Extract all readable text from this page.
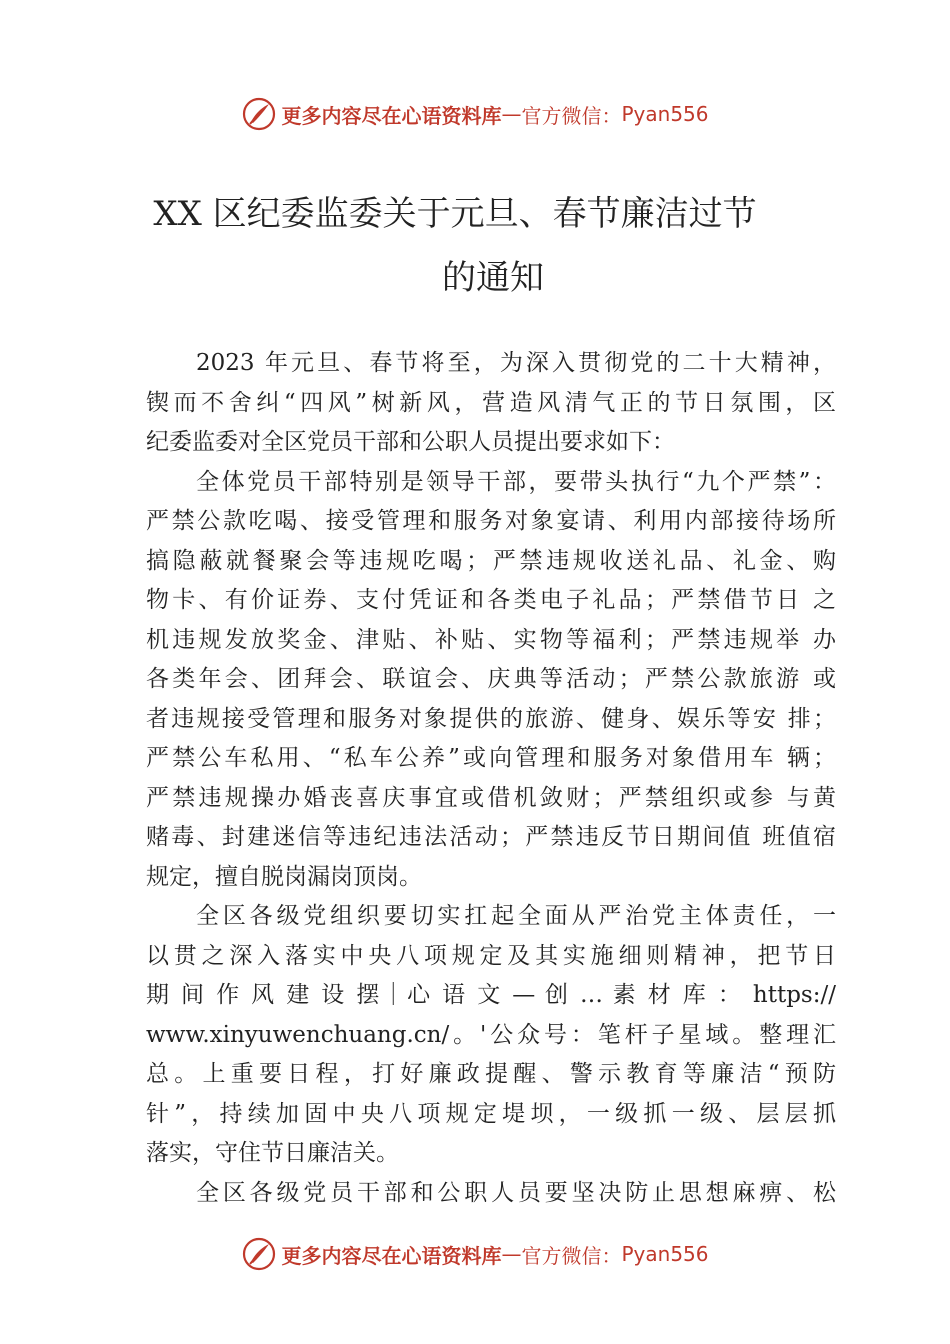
更多内容尽在心语资料库 — 官方微信： Pyan556
XX 区纪委监委关于元旦、春节廉洁过节
的通知
2023 年元旦、春节将至，为深入贯彻党的二十大精神，
锲而不舍纠“四风”树新风，营造风清气正的节日氛围，区
纪委监委对全区党员干部和公职人员提出要求如下：
全体党员干部特别是领导干部，要带头执行“九个严禁”：
严禁公款吃喝、接受管理和服务对象宴请、利用内部接待场所
搞隐蔽就餐聚会等违规吃喝；严禁违规收送礼品、礼金、购
物卡、有价证券、支付凭证和各类电子礼品；严禁借节日 之
机违规发放奖金、津贴、补贴、实物等福利；严禁违规举 办
各类年会、团拜会、联谊会、庆典等活动；严禁公款旅游 或
者违规接受管理和服务对象提供的旅游、健身、娱乐等安 排；
严禁公车私用、“私车公养”或向管理和服务对象借用车 辆；
严禁违规操办婚丧喜庆事宜或借机敛财；严禁组织或参 与黄
赌毒、封建迷信等违纪违法活动；严禁违反节日期间值 班值宿
规定，擅自脱岗漏岗顶岗。
全区各级党组织要切实扛起全面从严治党主体责任，一
以贯之深入落实中央八项规定及其实施细则精神，把节日
期 间 作 风 建 设 摆｜心 语 文 — 创 … 素 材 库 ： https://
www.xinyuwenchuang.cn/。'公众号：笔杆子星域。整理汇
总。上重要日程，打好廉政提醒、警示教育等廉洁“预防
针”，持续加固中央八项规定堤坝，一级抓一级、层层抓
落实，守住节日廉洁关。
全区各级党员干部和公职人员要坚决防止思想麻痹、松
更多内容尽在心语资料库 — 官方微信： Pyan556
